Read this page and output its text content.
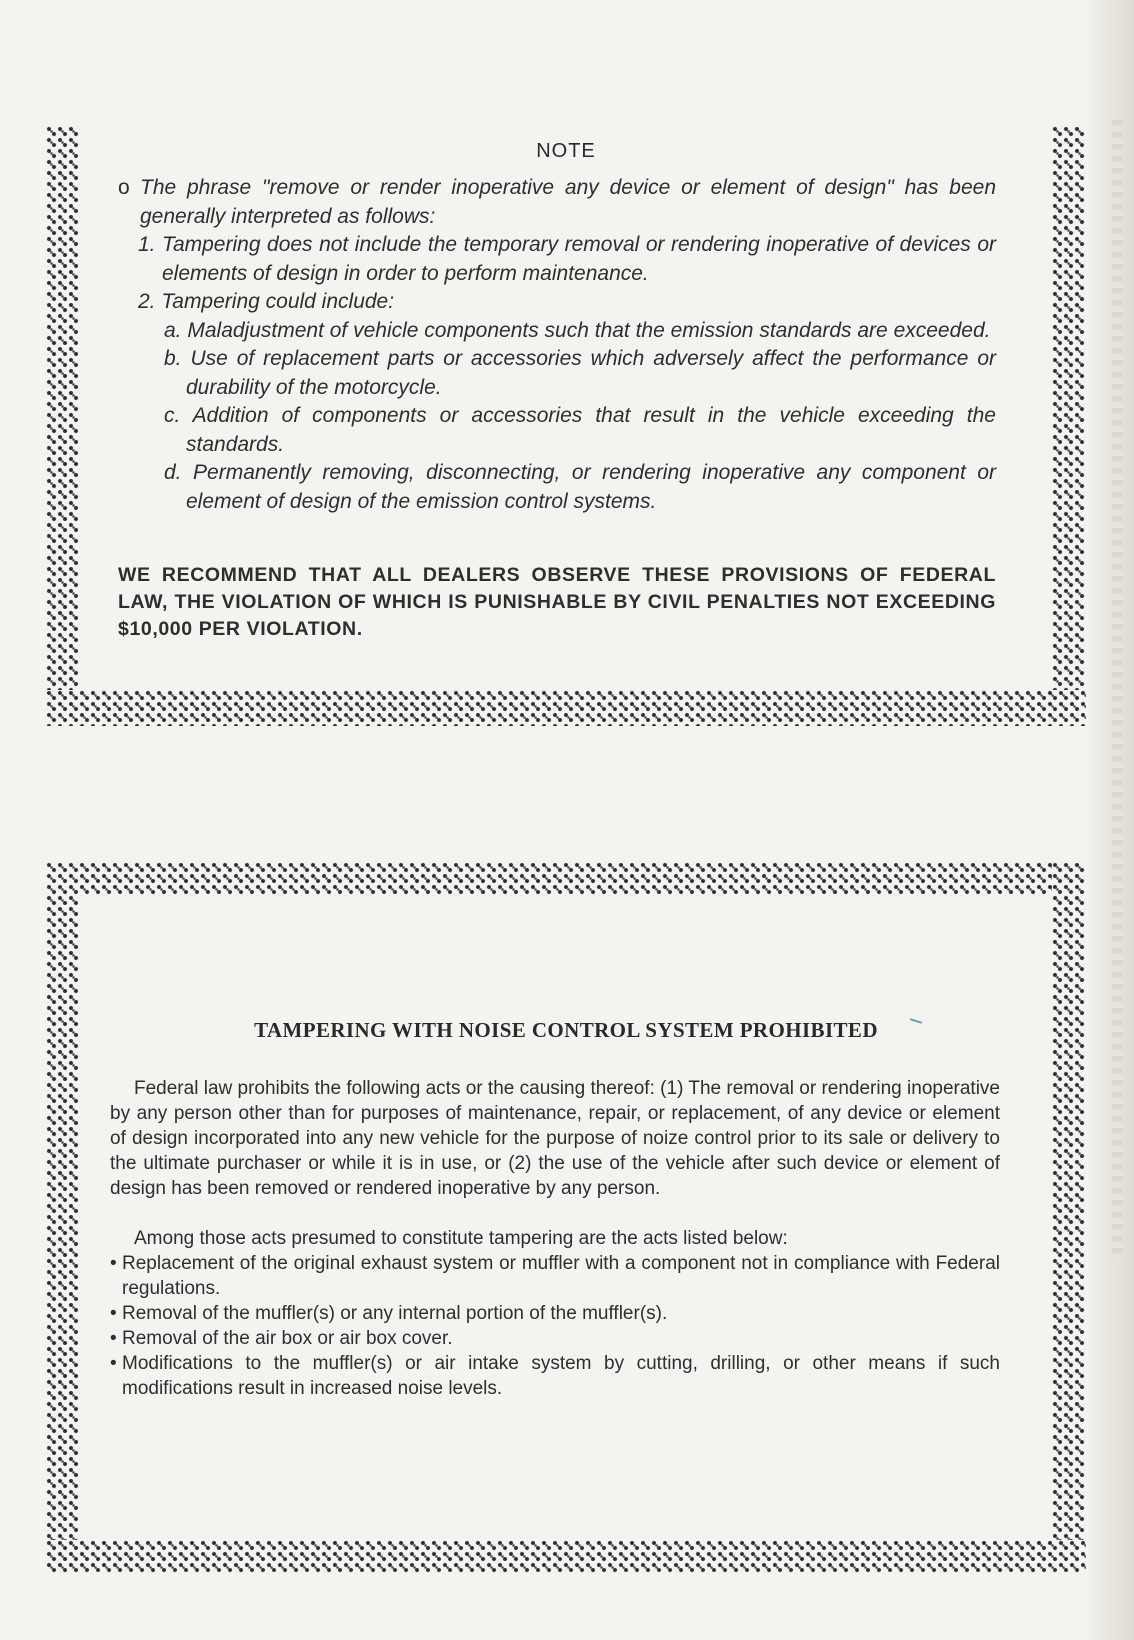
NOTE

o The phrase "remove or render inoperative any device or element of design" has been generally interpreted as follows:

1. Tampering does not include the temporary removal or rendering inoperative of devices or elements of design in order to perform maintenance.

2. Tampering could include:

a. Maladjustment of vehicle components such that the emission standards are exceeded.

b. Use of replacement parts or accessories which adversely affect the performance or durability of the motorcycle.

c. Addition of components or accessories that result in the vehicle exceeding the standards.

d. Permanently removing, disconnecting, or rendering inoperative any component or element of design of the emission control systems.

WE RECOMMEND THAT ALL DEALERS OBSERVE THESE PROVISIONS OF FEDERAL LAW, THE VIOLATION OF WHICH IS PUNISHABLE BY CIVIL PENALTIES NOT EXCEEDING $10,000 PER VIOLATION.
TAMPERING WITH NOISE CONTROL SYSTEM PROHIBITED

Federal law prohibits the following acts or the causing thereof: (1) The removal or rendering inoperative by any person other than for purposes of maintenance, repair, or replacement, of any device or element of design incorporated into any new vehicle for the purpose of noize control prior to its sale or delivery to the ultimate purchaser or while it is in use, or (2) the use of the vehicle after such device or element of design has been removed or rendered inoperative by any person.

Among those acts presumed to constitute tampering are the acts listed below:

• Replacement of the original exhaust system or muffler with a component not in compliance with Federal regulations.

• Removal of the muffler(s) or any internal portion of the muffler(s).

• Removal of the air box or air box cover.

• Modifications to the muffler(s) or air intake system by cutting, drilling, or other means if such modifications result in increased noise levels.
